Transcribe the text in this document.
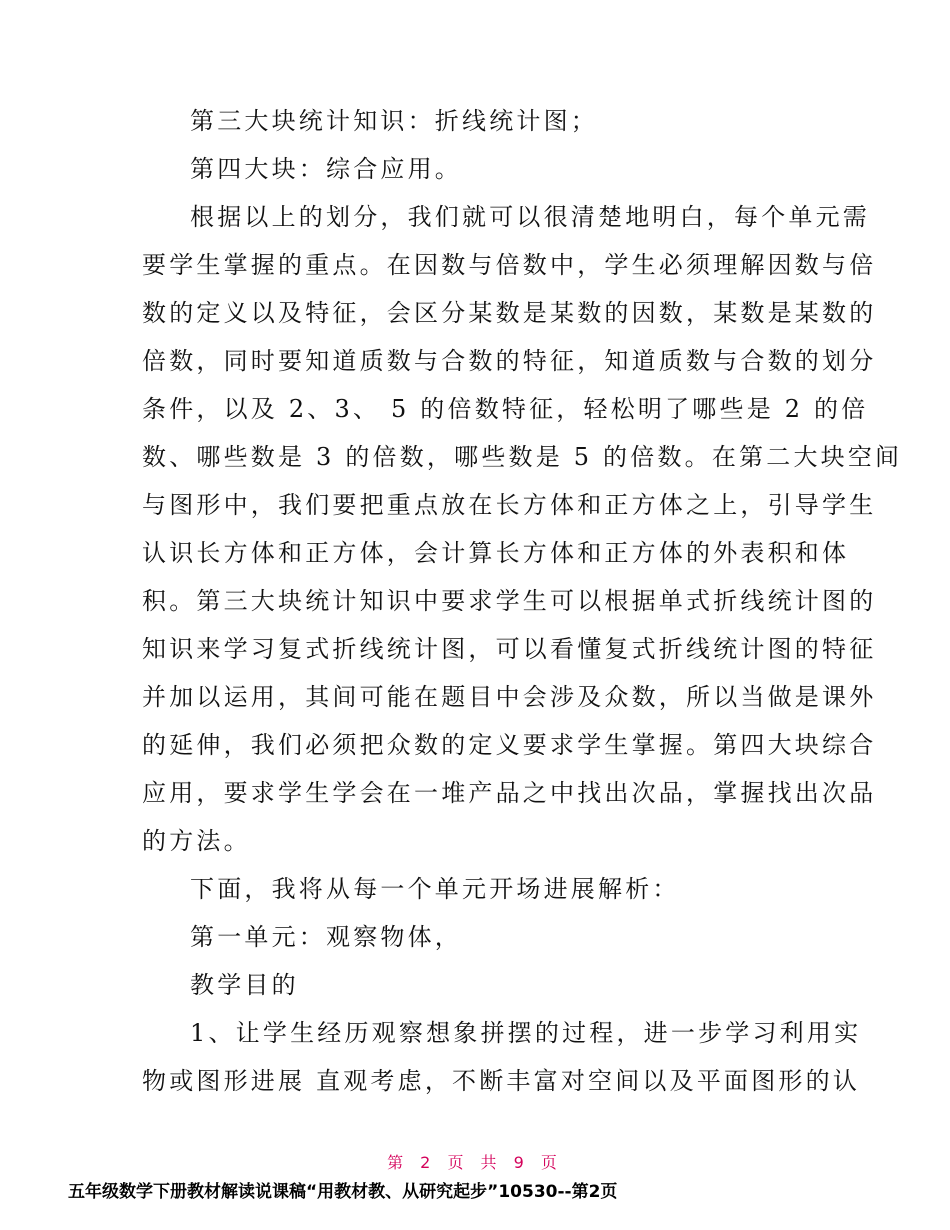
第三大块统计知识：折线统计图；
第四大块：综合应用。
根据以上的划分，我们就可以很清楚地明白，每个单元需
要学生掌握的重点。在因数与倍数中，学生必须理解因数与倍
数的定义以及特征，会区分某数是某数的因数，某数是某数的
倍数，同时要知道质数与合数的特征，知道质数与合数的划分
条件，以及 2、3、 5 的倍数特征，轻松明了哪些是 2 的倍
数、哪些数是 3 的倍数，哪些数是 5 的倍数。在第二大块空间
与图形中，我们要把重点放在长方体和正方体之上，引导学生
认识长方体和正方体，会计算长方体和正方体的外表积和体
积。第三大块统计知识中要求学生可以根据单式折线统计图的
知识来学习复式折线统计图，可以看懂复式折线统计图的特征
并加以运用，其间可能在题目中会涉及众数，所以当做是课外
的延伸，我们必须把众数的定义要求学生掌握。第四大块综合
应用，要求学生学会在一堆产品之中找出次品，掌握找出次品
的方法。
下面，我将从每一个单元开场进展解析：
第一单元：观察物体，
教学目的
1、让学生经历观察想象拼摆的过程，进一步学习利用实
物或图形进展 直观考虑，不断丰富对空间以及平面图形的认
第 2 页 共 9 页
五年级数学下册教材解读说课稿“用教材教、从研究起步”10530--第2页
